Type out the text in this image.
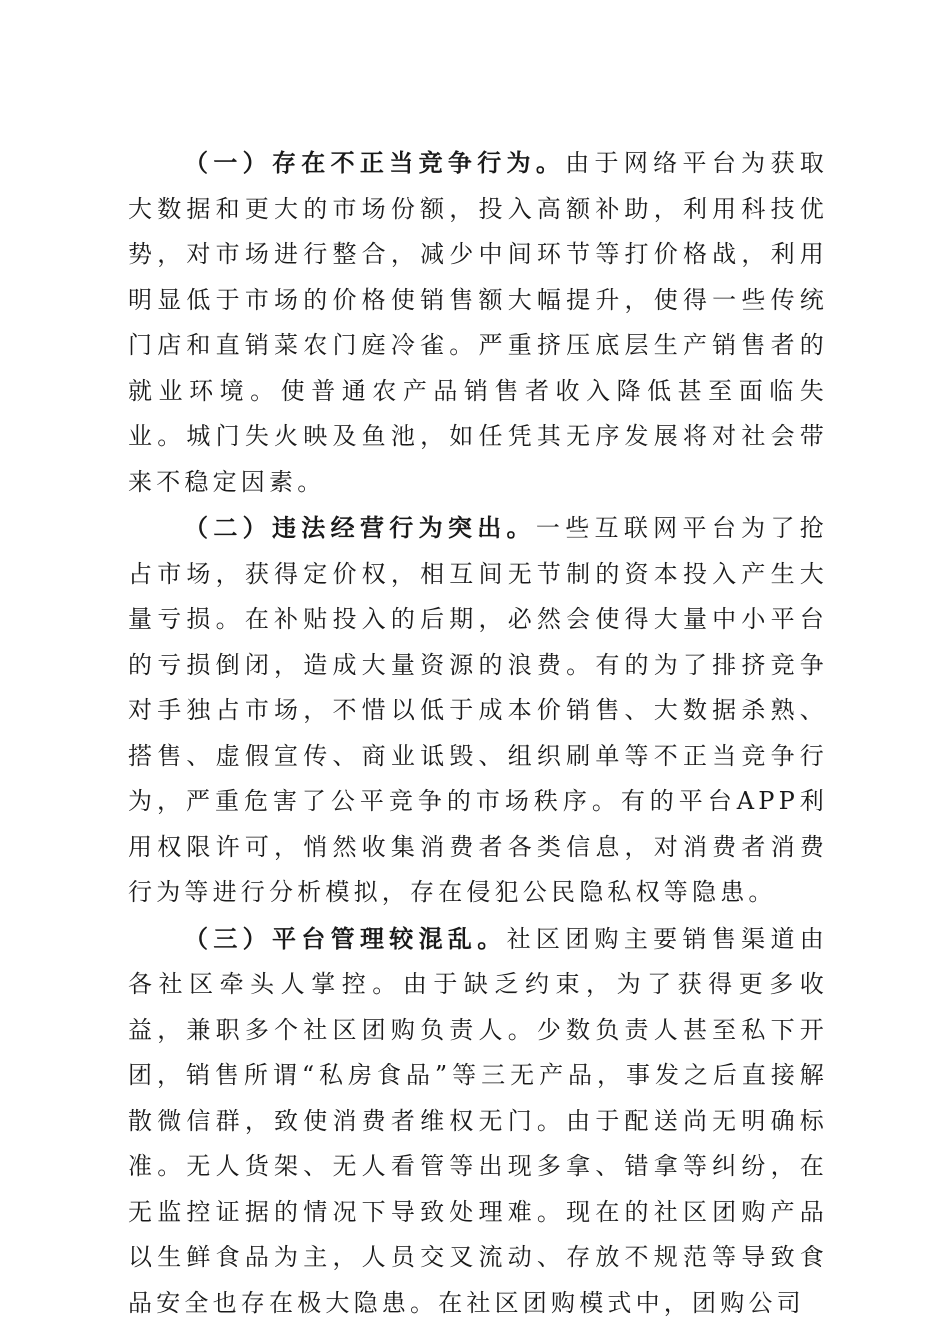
（一）存在不正当竞争行为。由于网络平台为获取大数据和更大的市场份额，投入高额补助，利用科技优势，对市场进行整合，减少中间环节等打价格战，利用明显低于市场的价格使销售额大幅提升，使得一些传统门店和直销菜农门庭冷雀。严重挤压底层生产销售者的就业环境。使普通农产品销售者收入降低甚至面临失业。城门失火映及鱼池，如任凭其无序发展将对社会带来不稳定因素。

（二）违法经营行为突出。一些互联网平台为了抢占市场，获得定价权，相互间无节制的资本投入产生大量亏损。在补贴投入的后期，必然会使得大量中小平台的亏损倒闭，造成大量资源的浪费。有的为了排挤竞争对手独占市场，不惜以低于成本价销售、大数据杀熟、搭售、虚假宣传、商业诋毁、组织刷单等不正当竞争行为，严重危害了公平竞争的市场秩序。有的平台APP利用权限许可，悄然收集消费者各类信息，对消费者消费行为等进行分析模拟，存在侵犯公民隐私权等隐患。

（三）平台管理较混乱。社区团购主要销售渠道由各社区牵头人掌控。由于缺乏约束，为了获得更多收益，兼职多个社区团购负责人。少数负责人甚至私下开团，销售所谓“私房食品”等三无产品，事发之后直接解散微信群，致使消费者维权无门。由于配送尚无明确标准。无人货架、无人看管等出现多拿、错拿等纠纷，在无监控证据的情况下导致处理难。现在的社区团购产品以生鲜食品为主，人员交叉流动、存放不规范等导致食品安全也存在极大隐患。在社区团购模式中，团购公司
